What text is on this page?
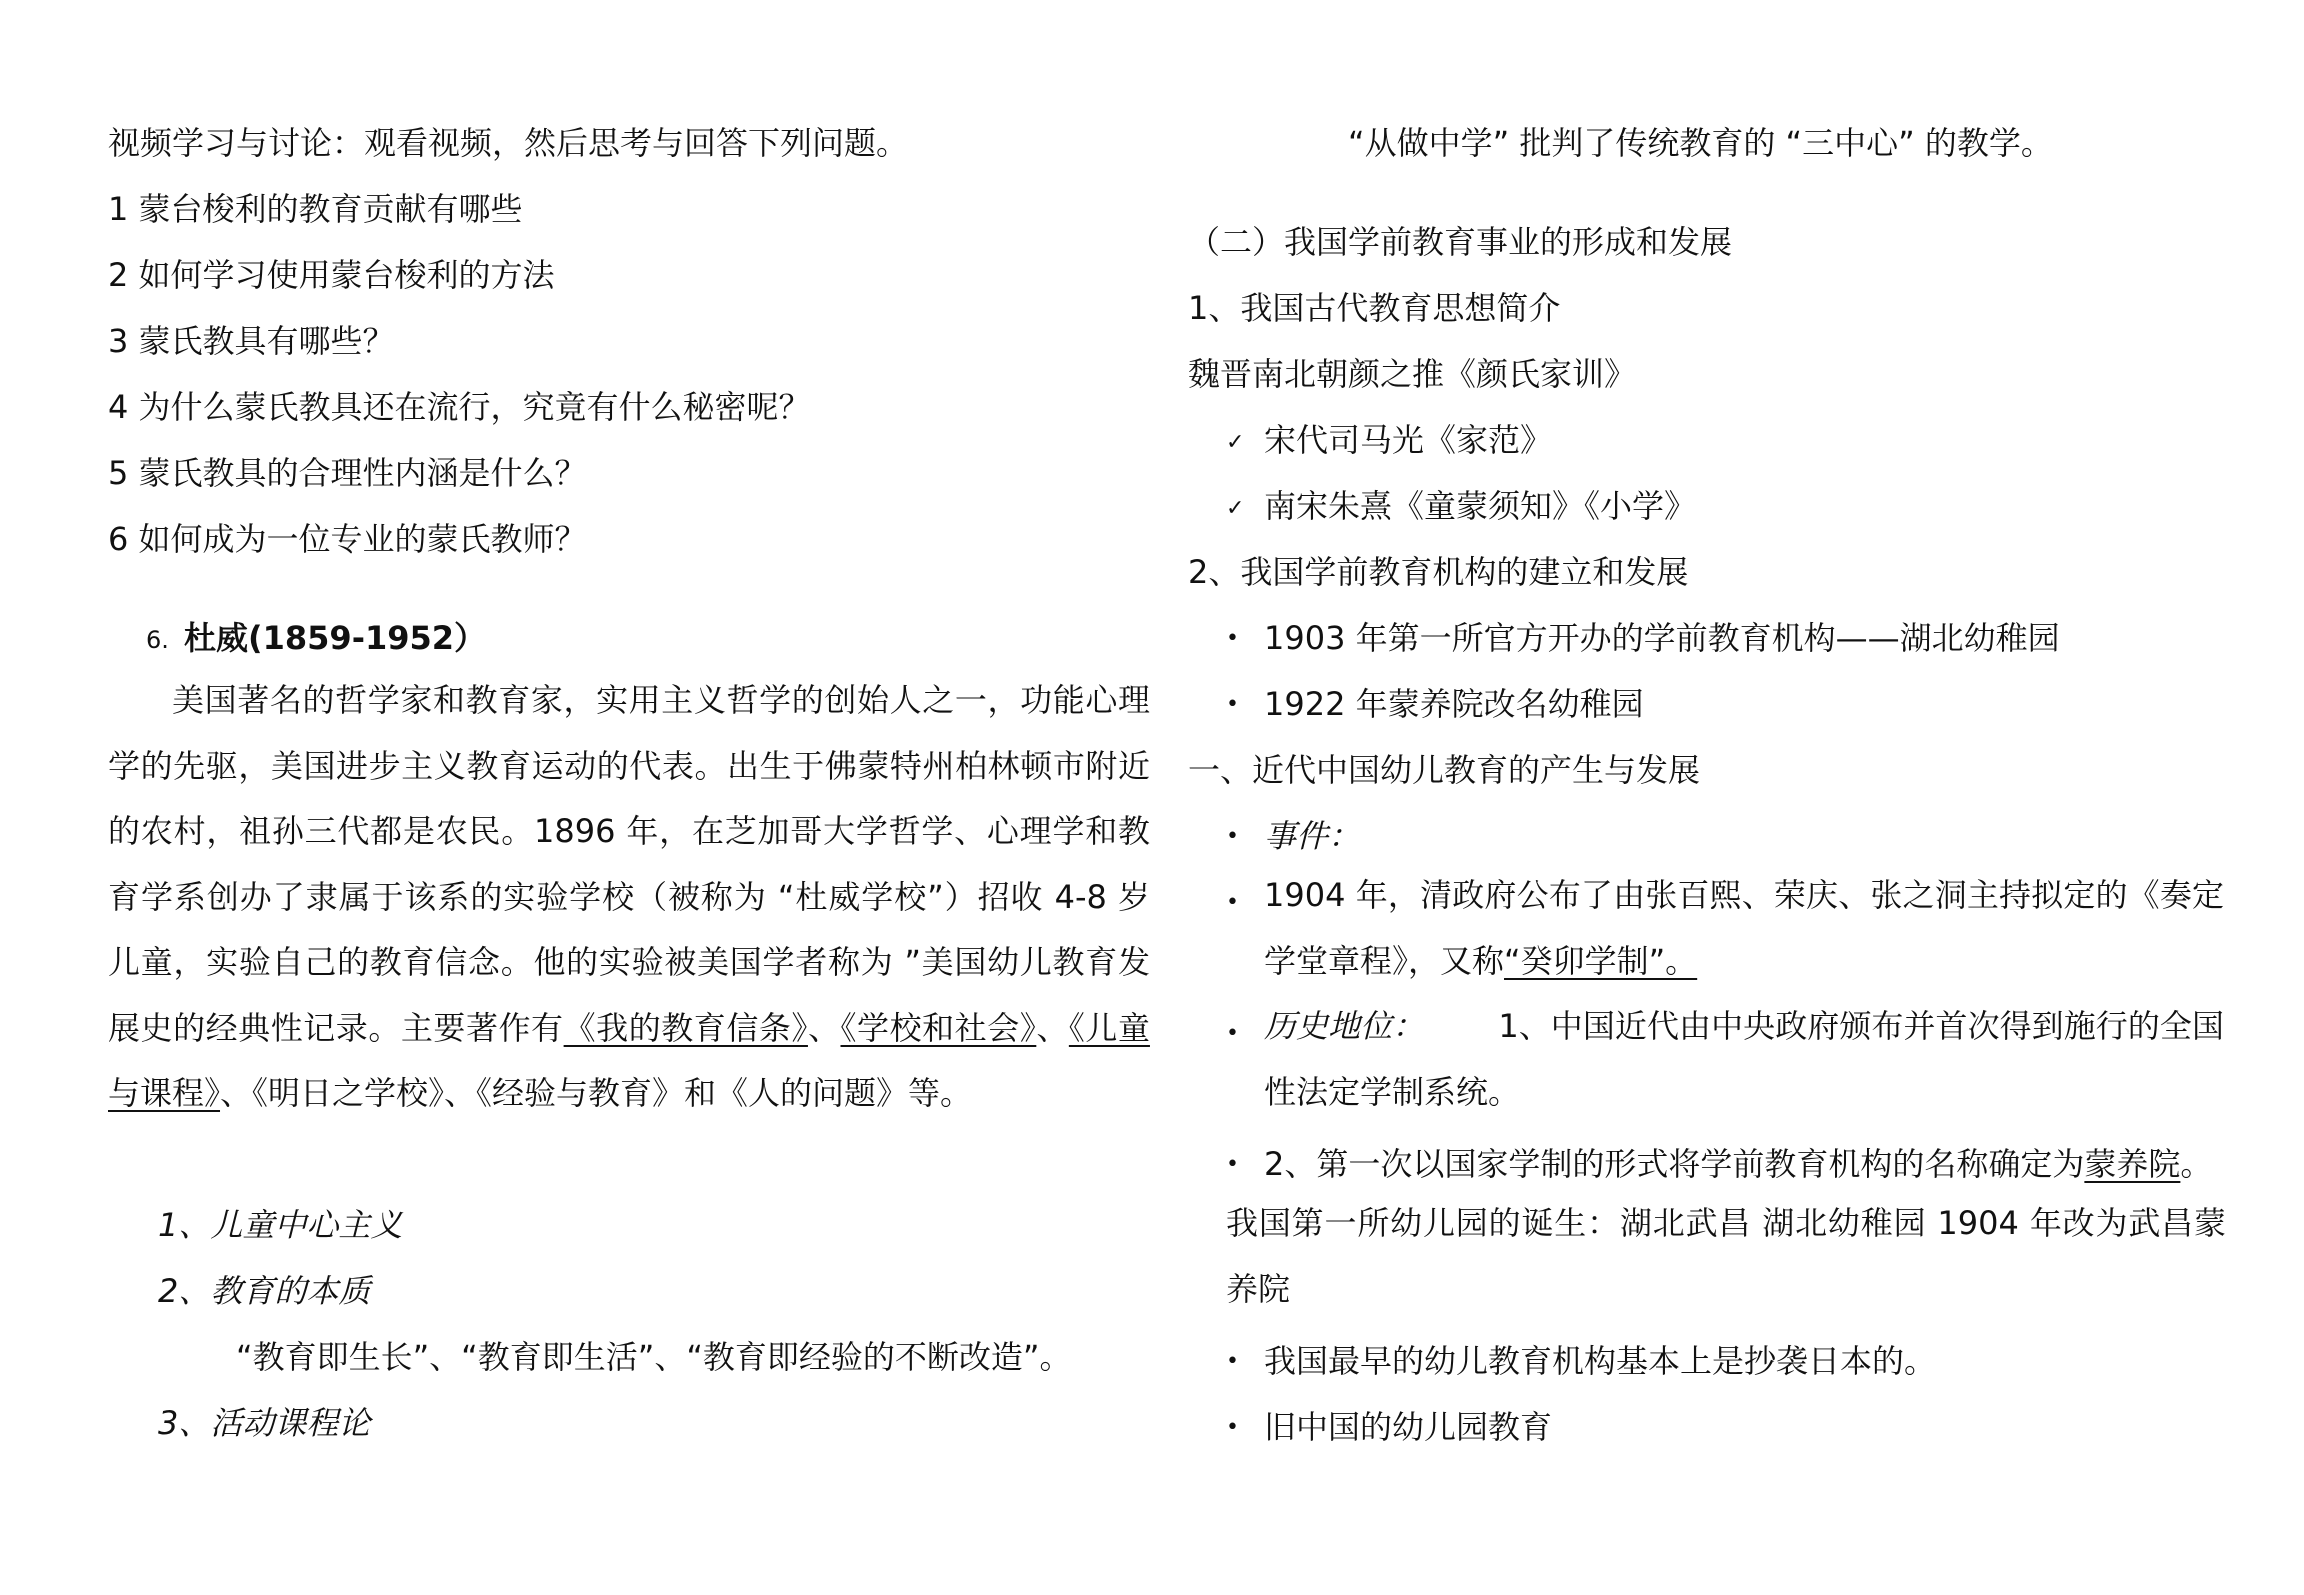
视频学习与讨论：观看视频，然后思考与回答下列问题。
1 蒙台梭利的教育贡献有哪些
2 如何学习使用蒙台梭利的方法
3 蒙氏教具有哪些？
4 为什么蒙氏教具还在流行，究竟有什么秘密呢？
5 蒙氏教具的合理性内涵是什么？
6 如何成为一位专业的蒙氏教师？
6. 杜威(1859-1952）
美国著名的哲学家和教育家，实用主义哲学的创始人之一，功能心理学的先驱，美国进步主义教育运动的代表。出生于佛蒙特州柏林顿市附近的农村，祖孙三代都是农民。1896 年，在芝加哥大学哲学、心理学和教育学系创办了隶属于该系的实验学校（被称为 “杜威学校”）招收 4-8 岁儿童，实验自己的教育信念。他的实验被美国学者称为 ”美国幼儿教育发展史的经典性记录。主要著作有《我的教育信条》、《学校和社会》、《儿童与课程》、《明日之学校》、《经验与教育》和《人的问题》等。
1、儿童中心主义
2、教育的本质
“教育即生长”、“教育即生活”、“教育即经验的不断改造”。
3、活动课程论
“从做中学” 批判了传统教育的 “三中心” 的教学。
（二）我国学前教育事业的形成和发展
1、我国古代教育思想简介
魏晋南北朝颜之推《颜氏家训》
✓ 宋代司马光《家范》
✓ 南宋朱熹《童蒙须知》《小学》
2、我国学前教育机构的建立和发展
• 1903 年第一所官方开办的学前教育机构——湖北幼稚园
• 1922 年蒙养院改名幼稚园
一、近代中国幼儿教育的产生与发展
• 事件：
• 1904 年，清政府公布了由张百熙、荣庆、张之洞主持拟定的《奏定学堂章程》，又称“癸卯学制”。
• 历史地位： 1、中国近代由中央政府颁布并首次得到施行的全国性法定学制系统。
• 2、第一次以国家学制的形式将学前教育机构的名称确定为蒙养院。
我国第一所幼儿园的诞生：湖北武昌 湖北幼稚园 1904 年改为武昌蒙养院
• 我国最早的幼儿教育机构基本上是抄袭日本的。
• 旧中国的幼儿园教育
